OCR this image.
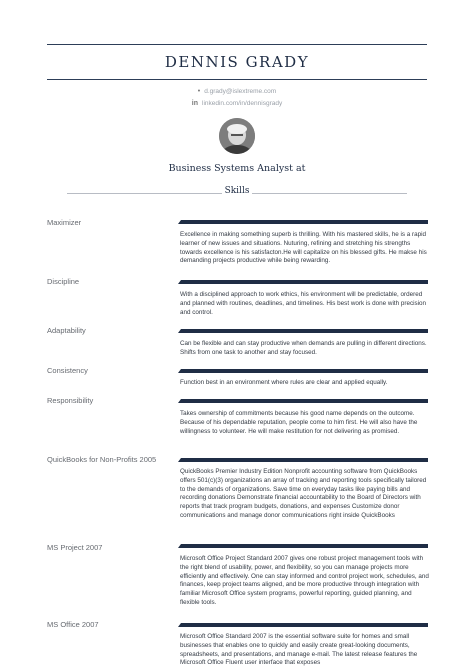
DENNIS GRADY
• d.grady@islextreme.com
in linkedin.com/in/dennisgrady
Business Systems Analyst at
Skills
Maximizer
Excellence in making something superb is thrilling. With his mastered skills, he is a rapid learner of new issues and situations. Nuturing, refining and stretching his strengths towards excellence is his satisfacton.He will capitalize on his blessed gifts. He makse his demanding projects productive while being rewarding.
Discipline
With a disciplined approach to work ethics, his environment will be predictable, ordered and planned with routines, deadlines, and timelines. His best work is done with precision and control.
Adaptability
Can be flexible and can stay productive when demands are pulling in different directions. Shifts from one task to another and stay focused.
Consistency
Function best in an environment where rules are clear and applied equally.
Responsibility
Takes ownership of commitments because his good name depends on the outcome. Because of his dependable reputation, people come to him first. He will also have the willingness to volunteer. He will make restitution for not delivering as promised.
QuickBooks for Non-Profits 2005
QuickBooks Premier Industry Edition Nonprofit accounting software from QuickBooks offers 501(c)(3) organizations an array of tracking and reporting tools specifically tailored to the demands of organizations. Save time on everyday tasks like paying bills and recording donations Demonstrate financial accountability to the Board of Directors with reports that track program budgets, donations, and expenses Customize donor communications and manage donor communications right inside QuickBooks
MS Project 2007
Microsoft Office Project Standard 2007 gives one robust project management tools with the right blend of usability, power, and flexibility, so you can manage projects more efficiently and effectively. One can stay informed and control project work, schedules, and finances, keep project teams aligned, and be more productive through integration with familiar Microsoft Office system programs, powerful reporting, guided planning, and flexible tools.
MS Office 2007
Microsoft Office Standard 2007 is the essential software suite for homes and small businesses that enables one to quickly and easily create great-looking documents, spreadsheets, and presentations, and manage e-mail. The latest release features the Microsoft Office Fluent user interface that exposes
